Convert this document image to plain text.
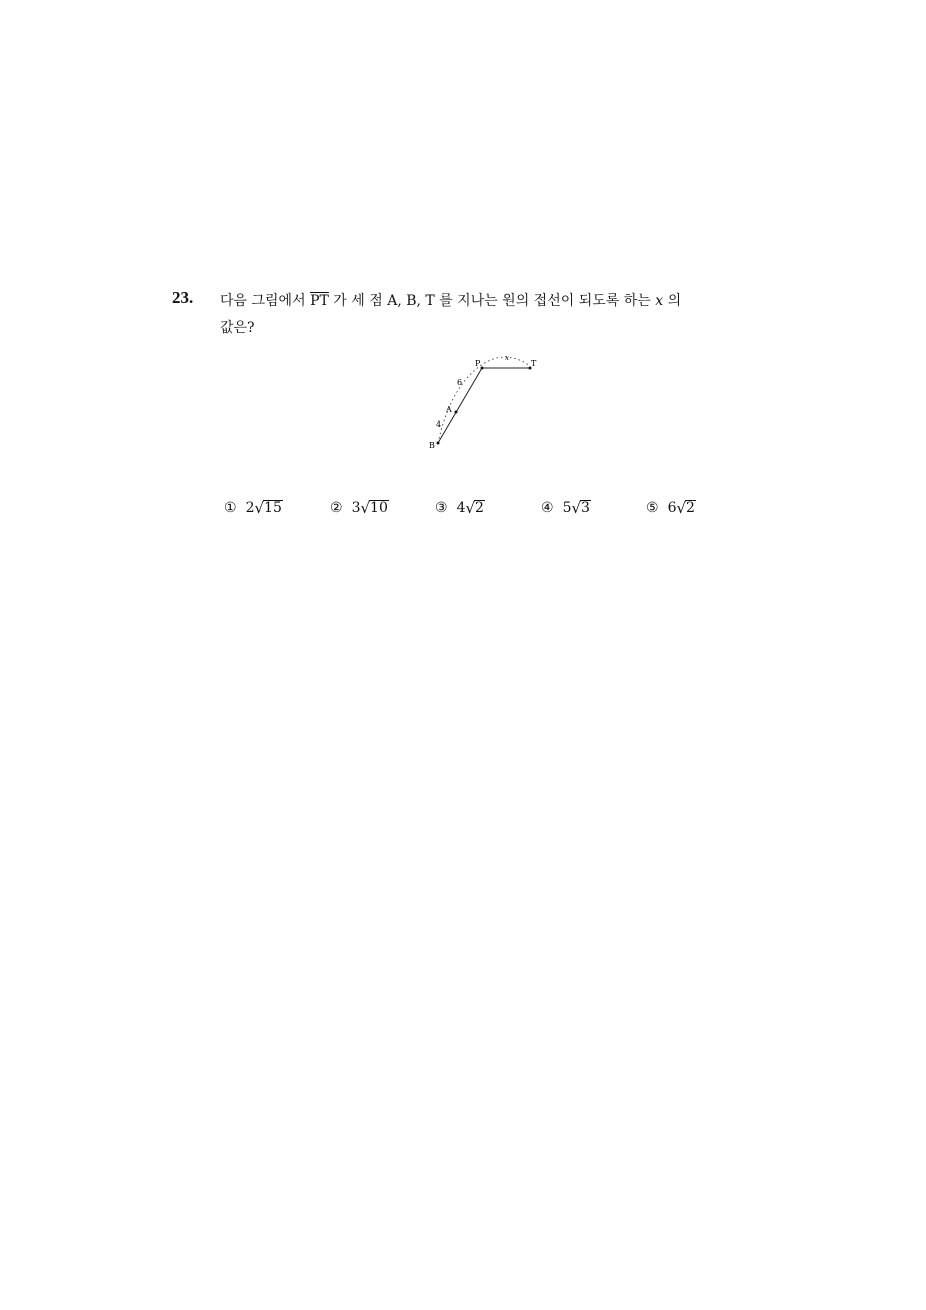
23. 다음 그림에서 $\overline{PT}$ 가 세 점 A, B, T 를 지나는 원의 접선이 되도록 하는 x 의
값은?
P	T
A
B
x
6
4
① 2 √ 15	② 3 √ 10	③ 4 √ 2	④ 5 √ 3	⑤ 6 √ 2
